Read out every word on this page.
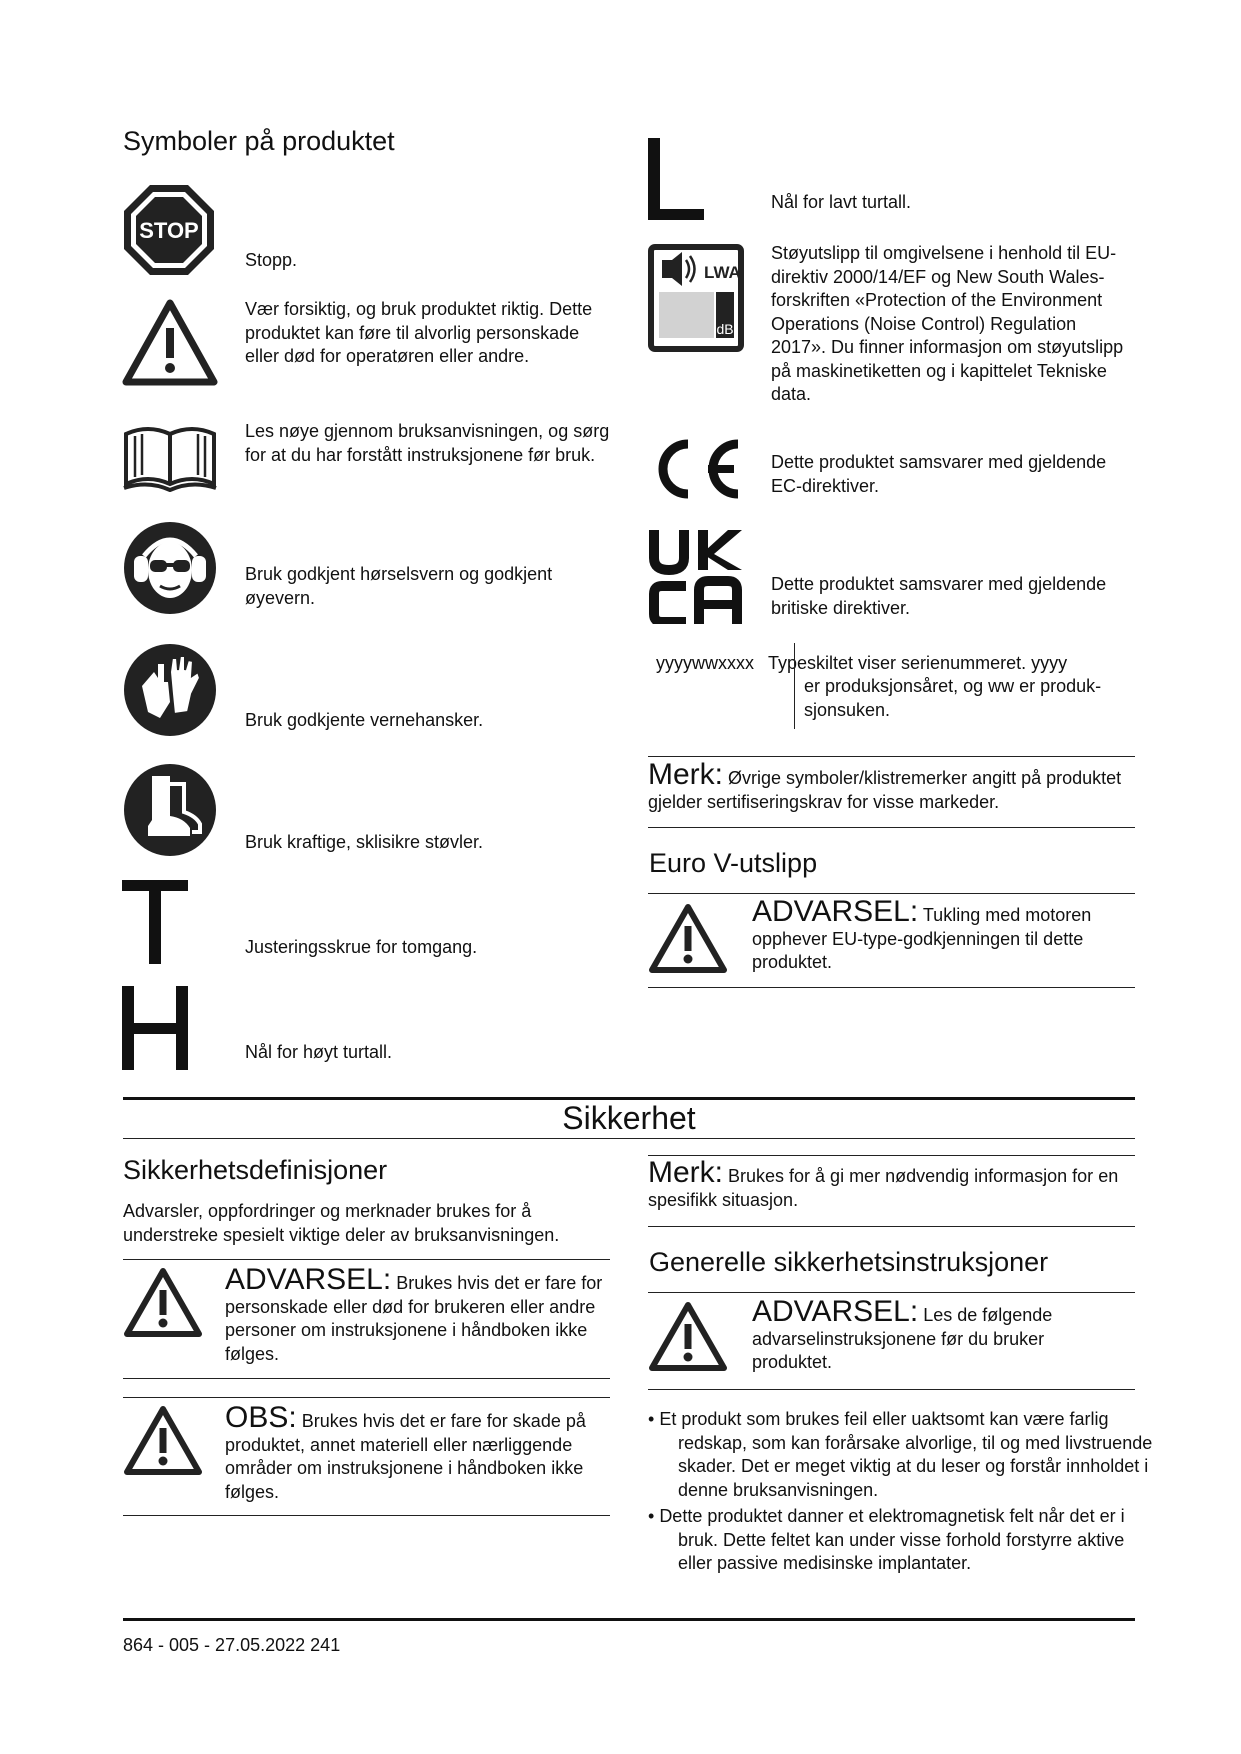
Symboler på produktet
STOP
Stopp.
Vær forsiktig, og bruk produktet riktig. Dette produktet kan føre til alvorlig personskade eller død for operatøren eller andre.
Les nøye gjennom bruksanvisningen, og sørg for at du har forstått instruksjonene før bruk.
Bruk godkjent hørselsvern og godkjent øyevern.
Bruk godkjente vernehansker.
Bruk kraftige, sklisikre støvler.
Justeringsskrue for tomgang.
Nål for høyt turtall.
Nål for lavt turtall.
LWA
dB
Støyutslipp til omgivelsene i henhold til EU-direktiv 2000/14/EF og New South Wales-forskriften «Protection of the Environment Operations (Noise Control) Regulation 2017». Du finner informasjon om støyutslipp på maskinetiketten og i kapittelet Tekniske data.
Dette produktet samsvarer med gjeldende EC-direktiver.
Dette produktet samsvarer med gjeldende britiske direktiver.
yyyywwxxxx Typeskiltet viser serienummeret. yyyy
er produksjonsåret, og ww er produk-
sjonsuken.
Merk: Øvrige symboler/klistremerker angitt på produktet gjelder sertifiseringskrav for visse markeder.
Euro V-utslipp
ADVARSEL: Tukling med motoren opphever EU-type-godkjenningen til dette produktet.
Sikkerhet
Sikkerhetsdefinisjoner
Advarsler, oppfordringer og merknader brukes for å understreke spesielt viktige deler av bruksanvisningen.
ADVARSEL: Brukes hvis det er fare for personskade eller død for brukeren eller andre personer om instruksjonene i håndboken ikke følges.
OBS: Brukes hvis det er fare for skade på produktet, annet materiell eller nærliggende områder om instruksjonene i håndboken ikke følges.
Merk: Brukes for å gi mer nødvendig informasjon for en spesifikk situasjon.
Generelle sikkerhetsinstruksjoner
ADVARSEL: Les de følgende advarselinstruksjonene før du bruker produktet.
• Et produkt som brukes feil eller uaktsomt kan være farlig redskap, som kan forårsake alvorlige, til og med livstruende skader. Det er meget viktig at du leser og forstår innholdet i denne bruksanvisningen.
• Dette produktet danner et elektromagnetisk felt når det er i bruk. Dette feltet kan under visse forhold forstyrre aktive eller passive medisinske implantater.
864 - 005 - 27.05.2022 241
